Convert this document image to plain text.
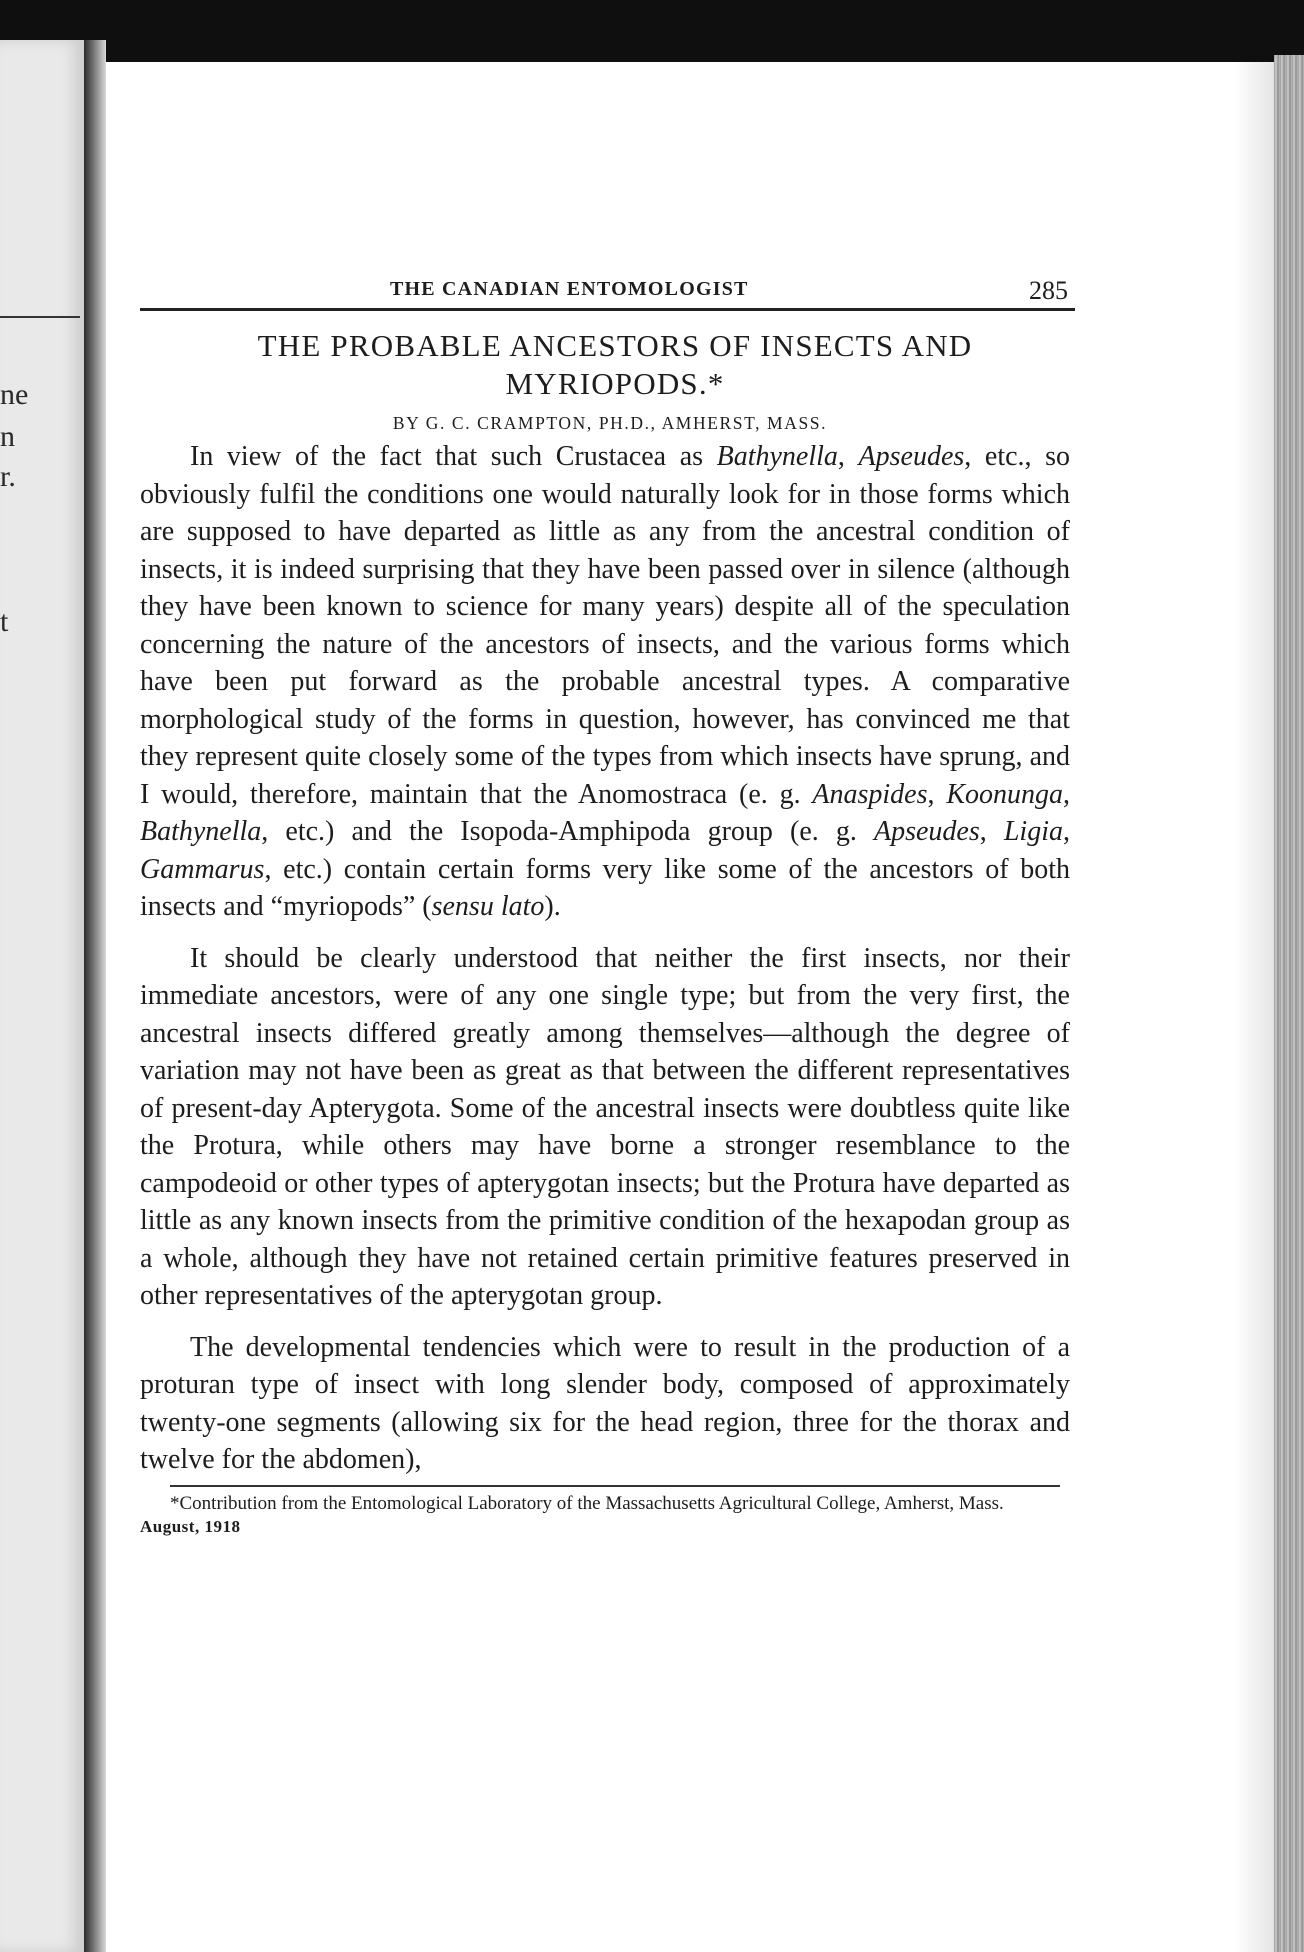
ne
n
r.
t
THE CANADIAN ENTOMOLOGIST	285
THE PROBABLE ANCESTORS OF INSECTS AND MYRIOPODS.*
BY G. C. CRAMPTON, PH.D., AMHERST, MASS.

In view of the fact that such Crustacea as Bathynella, Apseudes, etc., so obviously fulfil the conditions one would naturally look for in those forms which are supposed to have departed as little as any from the ancestral condition of insects, it is indeed surprising that they have been passed over in silence (although they have been known to science for many years) despite all of the speculation concerning the nature of the ancestors of insects, and the various forms which have been put forward as the probable ancestral types. A comparative morphological study of the forms in question, however, has convinced me that they represent quite closely some of the types from which insects have sprung, and I would, therefore, maintain that the Anomostraca (e. g. Anaspides, Koonunga, Bathynella, etc.) and the Isopoda-Amphipoda group (e. g. Apseudes, Ligia, Gammarus, etc.) contain certain forms very like some of the ancestors of both insects and “myriopods” (sensu lato).

It should be clearly understood that neither the first insects, nor their immediate ancestors, were of any one single type; but from the very first, the ancestral insects differed greatly among themselves—although the degree of variation may not have been as great as that between the different representatives of present-day Apterygota. Some of the ancestral insects were doubtless quite like the Protura, while others may have borne a stronger resemblance to the campodeoid or other types of apterygotan insects; but the Protura have departed as little as any known insects from the primitive condition of the hexapodan group as a whole, although they have not retained certain primitive features preserved in other representatives of the apterygotan group.

The developmental tendencies which were to result in the production of a proturan type of insect with long slender body, composed of approximately twenty-one segments (allowing six for the head region, three for the thorax and twelve for the abdomen),

*Contribution from the Entomological Laboratory of the Massachusetts Agricultural College, Amherst, Mass.
August, 1918
